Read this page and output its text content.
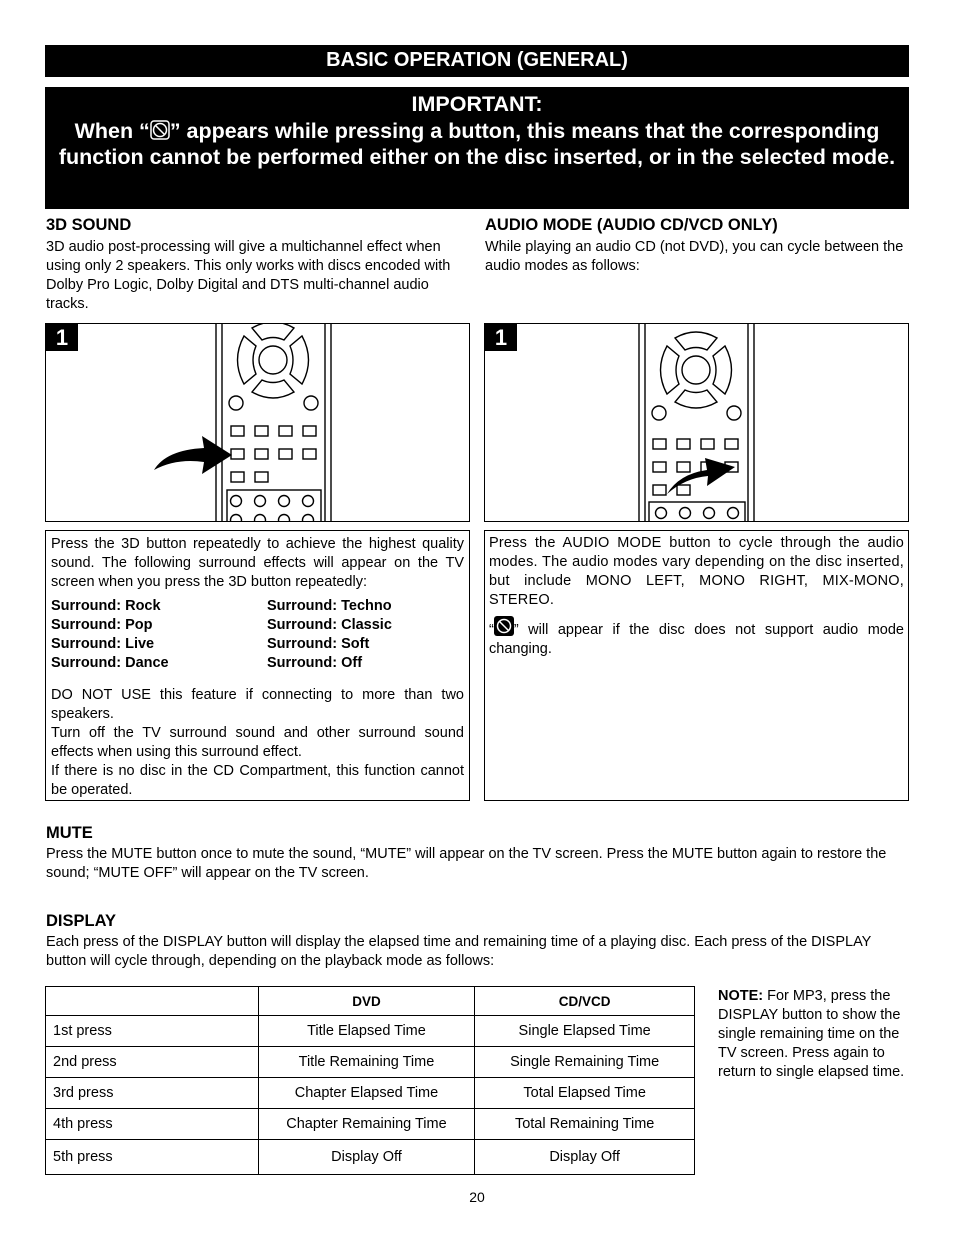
BASIC OPERATION (GENERAL)
IMPORTANT:
When “ ” appears while pressing a button, this means that the corresponding function cannot be performed either on the disc inserted, or in the selected mode.
3D SOUND
3D audio post-processing will give a multichannel effect when using only 2 speakers. This only works with discs encoded with Dolby Pro Logic, Dolby Digital and DTS multi-channel audio tracks.
AUDIO MODE (AUDIO CD/VCD ONLY)
While playing an audio CD (not DVD), you can cycle between the audio modes as follows:
1	1
Press the 3D button repeatedly to achieve the highest quality sound. The following surround effects will appear on the TV screen when you press the 3D button repeatedly:
Surround: Rock	Surround: Techno
Surround: Pop	Surround: Classic
Surround: Live	Surround: Soft
Surround: Dance	Surround: Off
DO NOT USE this feature if connecting to more than two speakers.
Turn off the TV surround sound and other surround sound effects when using this surround effect.
If there is no disc in the CD Compartment, this function cannot be operated.
Press the AUDIO MODE button to cycle through the audio modes. The audio modes vary depending on the disc inserted, but include MONO LEFT, MONO RIGHT, MIX-MONO, STEREO.
“ ” will appear if the disc does not support audio mode changing.
MUTE
Press the MUTE button once to mute the sound, “MUTE” will appear on the TV screen. Press the MUTE button again to restore the sound; “MUTE OFF” will appear on the TV screen.
DISPLAY
Each press of the DISPLAY button will display the elapsed time and remaining time of a playing disc. Each press of the DISPLAY button will cycle through, depending on the playback mode as follows:
	DVD	CD/VCD
1st press	Title Elapsed Time	Single Elapsed Time
2nd press	Title Remaining Time	Single Remaining Time
3rd press	Chapter Elapsed Time	Total Elapsed Time
4th press	Chapter Remaining Time	Total Remaining Time
5th press	Display Off	Display Off
NOTE: For MP3, press the DISPLAY button to show the single remaining time on the TV screen. Press again to return to single elapsed time.
20
